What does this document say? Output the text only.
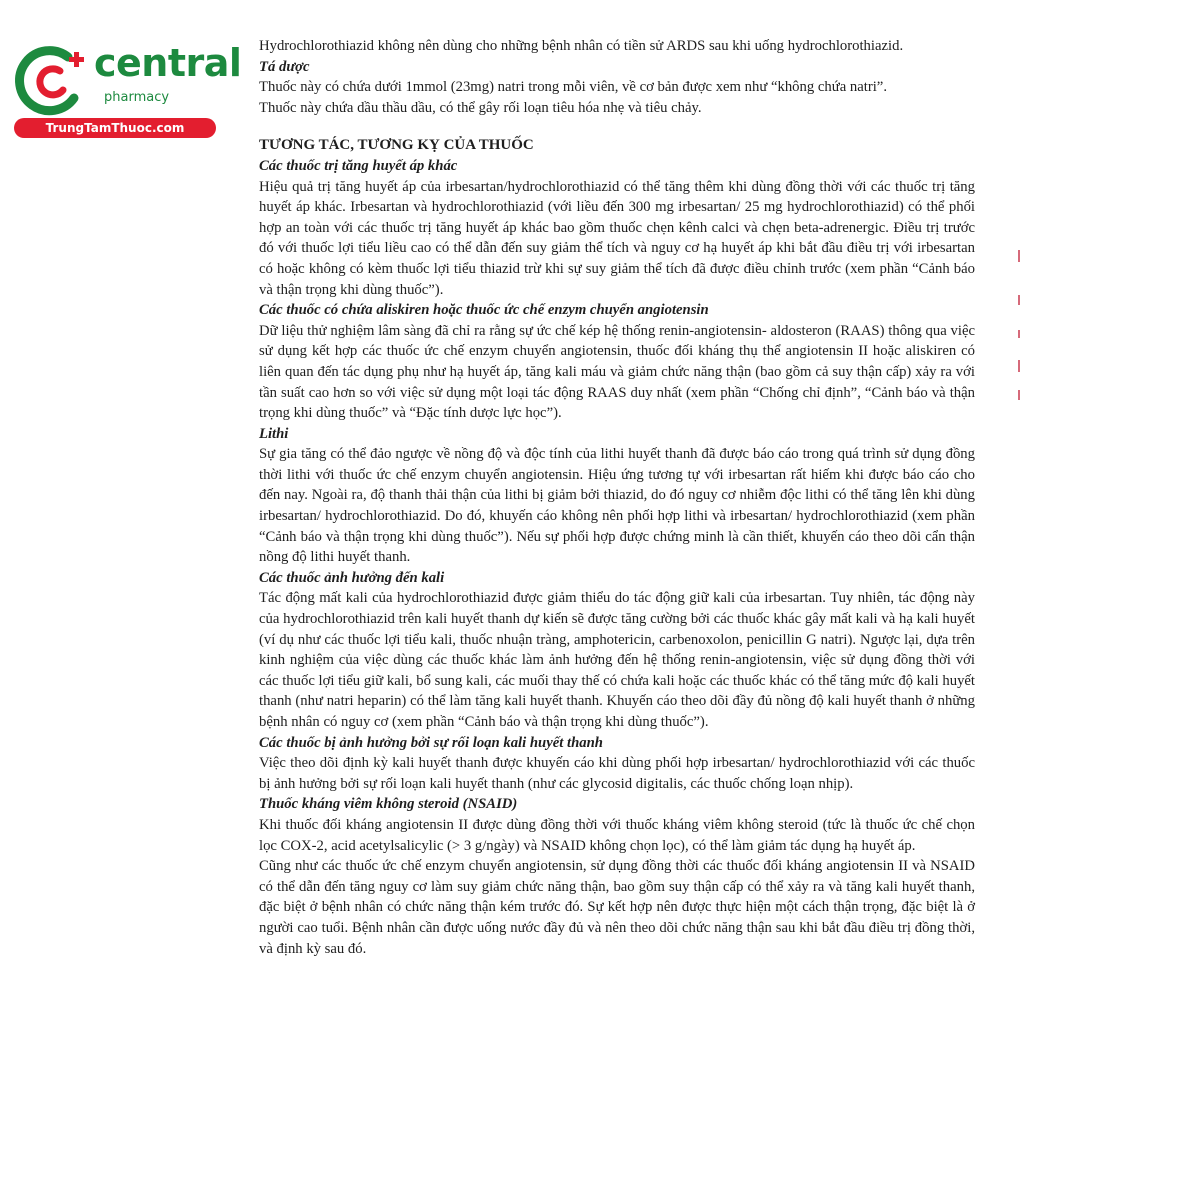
central
pharmacy
TrungTamThuoc.com

Hydrochlorothiazid không nên dùng cho những bệnh nhân có tiền sử ARDS sau khi uống hydrochlorothiazid.

Tá dược

Thuốc này có chứa dưới 1mmol (23mg) natri trong mỗi viên, về cơ bản được xem như “không chứa natri”.

Thuốc này chứa dầu thầu dầu, có thể gây rối loạn tiêu hóa nhẹ và tiêu chảy.

TƯƠNG TÁC, TƯƠNG KỴ CỦA THUỐC

Các thuốc trị tăng huyết áp khác

Hiệu quả trị tăng huyết áp của irbesartan/hydrochlorothiazid có thể tăng thêm khi dùng đồng thời với các thuốc trị tăng huyết áp khác. Irbesartan và hydrochlorothiazid (với liều đến 300 mg irbesartan/ 25 mg hydrochlorothiazid) có thể phối hợp an toàn với các thuốc trị tăng huyết áp khác bao gồm thuốc chẹn kênh calci và chẹn beta-adrenergic. Điều trị trước đó với thuốc lợi tiểu liều cao có thể dẫn đến suy giảm thể tích và nguy cơ hạ huyết áp khi bắt đầu điều trị với irbesartan có hoặc không có kèm thuốc lợi tiểu thiazid trừ khi sự suy giảm thể tích đã được điều chỉnh trước (xem phần “Cảnh báo và thận trọng khi dùng thuốc”).

Các thuốc có chứa aliskiren hoặc thuốc ức chế enzym chuyển angiotensin

Dữ liệu thử nghiệm lâm sàng đã chỉ ra rằng sự ức chế kép hệ thống renin-angiotensin- aldosteron (RAAS) thông qua việc sử dụng kết hợp các thuốc ức chế enzym chuyển angiotensin, thuốc đối kháng thụ thể angiotensin II hoặc aliskiren có liên quan đến tác dụng phụ như hạ huyết áp, tăng kali máu và giảm chức năng thận (bao gồm cả suy thận cấp) xảy ra với tần suất cao hơn so với việc sử dụng một loại tác động RAAS duy nhất (xem phần “Chống chỉ định”, “Cảnh báo và thận trọng khi dùng thuốc” và “Đặc tính dược lực học”).

Lithi

Sự gia tăng có thể đảo ngược về nồng độ và độc tính của lithi huyết thanh đã được báo cáo trong quá trình sử dụng đồng thời lithi với thuốc ức chế enzym chuyển angiotensin. Hiệu ứng tương tự với irbesartan rất hiếm khi được báo cáo cho đến nay. Ngoài ra, độ thanh thải thận của lithi bị giảm bởi thiazid, do đó nguy cơ nhiễm độc lithi có thể tăng lên khi dùng irbesartan/ hydrochlorothiazid. Do đó, khuyến cáo không nên phối hợp lithi và irbesartan/ hydrochlorothiazid (xem phần “Cảnh báo và thận trọng khi dùng thuốc”). Nếu sự phối hợp được chứng minh là cần thiết, khuyến cáo theo dõi cẩn thận nồng độ lithi huyết thanh.

Các thuốc ảnh hưởng đến kali

Tác động mất kali của hydrochlorothiazid được giảm thiểu do tác động giữ kali của irbesartan. Tuy nhiên, tác động này của hydrochlorothiazid trên kali huyết thanh dự kiến sẽ được tăng cường bởi các thuốc khác gây mất kali và hạ kali huyết (ví dụ như các thuốc lợi tiểu kali, thuốc nhuận tràng, amphotericin, carbenoxolon, penicillin G natri). Ngược lại, dựa trên kinh nghiệm của việc dùng các thuốc khác làm ảnh hưởng đến hệ thống renin-angiotensin, việc sử dụng đồng thời với các thuốc lợi tiểu giữ kali, bổ sung kali, các muối thay thế có chứa kali hoặc các thuốc khác có thể tăng mức độ kali huyết thanh (như natri heparin) có thể làm tăng kali huyết thanh. Khuyến cáo theo dõi đầy đủ nồng độ kali huyết thanh ở những bệnh nhân có nguy cơ (xem phần “Cảnh báo và thận trọng khi dùng thuốc”).

Các thuốc bị ảnh hưởng bởi sự rối loạn kali huyết thanh

Việc theo dõi định kỳ kali huyết thanh được khuyến cáo khi dùng phối hợp irbesartan/ hydrochlorothiazid với các thuốc bị ảnh hưởng bởi sự rối loạn kali huyết thanh (như các glycosid digitalis, các thuốc chống loạn nhịp).

Thuốc kháng viêm không steroid (NSAID)

Khi thuốc đối kháng angiotensin II được dùng đồng thời với thuốc kháng viêm không steroid (tức là thuốc ức chế chọn lọc COX-2, acid acetylsalicylic (> 3 g/ngày) và NSAID không chọn lọc), có thể làm giảm tác dụng hạ huyết áp.

Cũng như các thuốc ức chế enzym chuyển angiotensin, sử dụng đồng thời các thuốc đối kháng angiotensin II và NSAID có thể dẫn đến tăng nguy cơ làm suy giảm chức năng thận, bao gồm suy thận cấp có thể xảy ra và tăng kali huyết thanh, đặc biệt ở bệnh nhân có chức năng thận kém trước đó. Sự kết hợp nên được thực hiện một cách thận trọng, đặc biệt là ở người cao tuổi. Bệnh nhân cần được uống nước đầy đủ và nên theo dõi chức năng thận sau khi bắt đầu điều trị đồng thời, và định kỳ sau đó.
